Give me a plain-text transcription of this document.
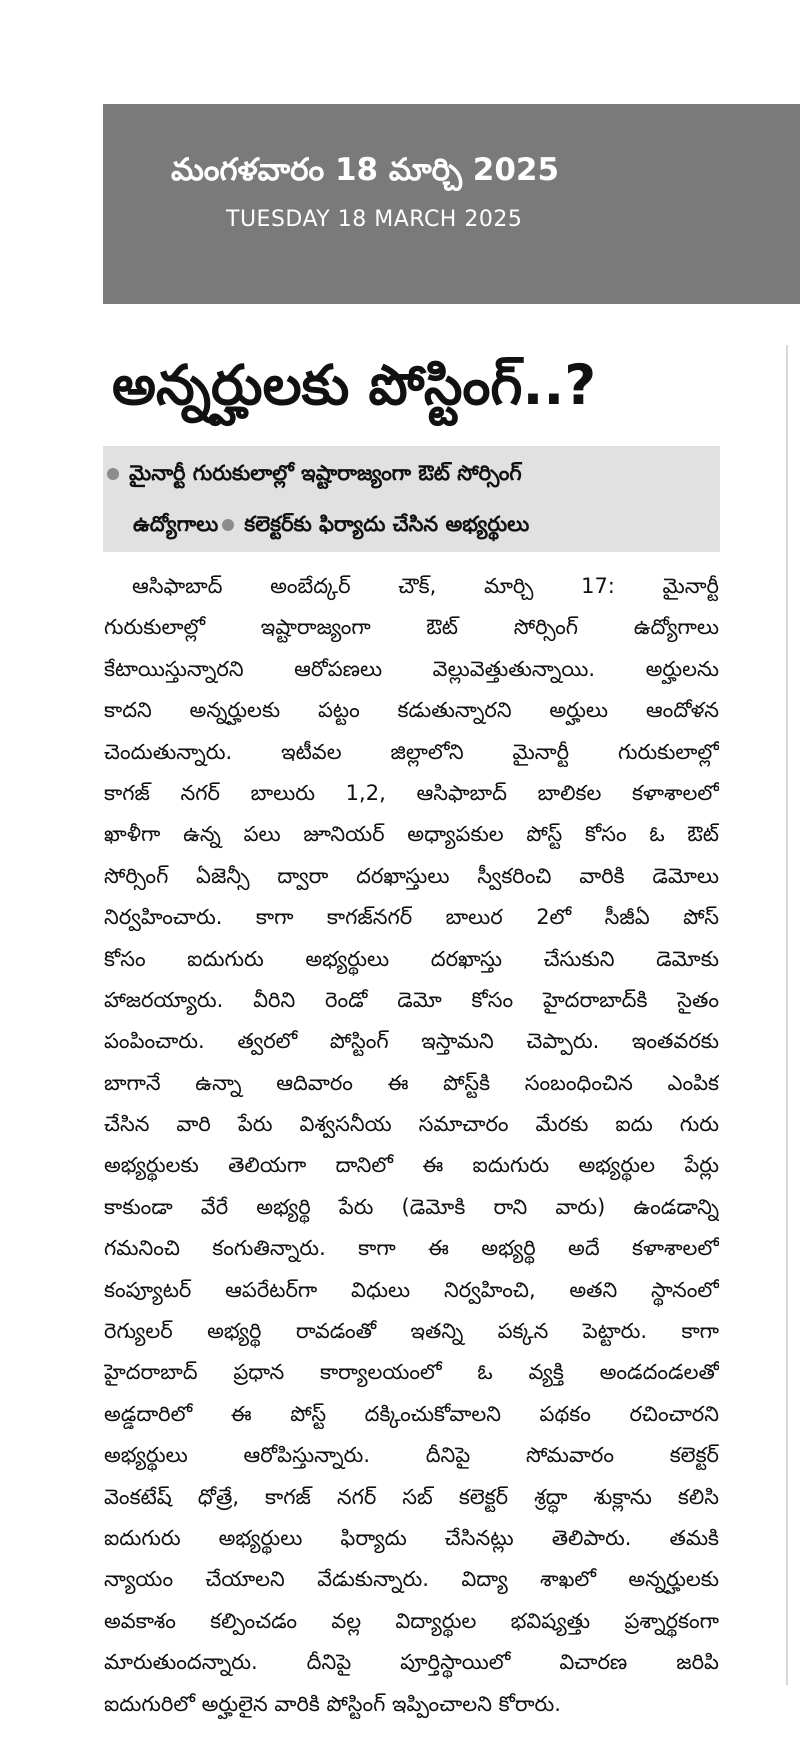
మంగళవారం 18 మార్చి 2025
TUESDAY 18 MARCH 2025
అన్నర్హులకు పోస్టింగ్..?
మైనార్టీ గురుకులాల్లో ఇష్టారాజ్యంగా ఔట్ సోర్సింగ్
ఉద్యోగాలు కలెక్టర్‌కు ఫిర్యాదు చేసిన అభ్యర్థులు
ఆసిఫాబాద్ అంబేద్కర్ చౌక్, మార్చి 17: మైనార్టీ
గురుకులాల్లో ఇష్టారాజ్యంగా ఔట్ సోర్సింగ్ ఉద్యోగాలు
కేటాయిస్తున్నారని ఆరోపణలు వెల్లువెత్తుతున్నాయి. అర్హులను
కాదని అన్నర్హులకు పట్టం కడుతున్నారని అర్హులు ఆందోళన
చెందుతున్నారు. ఇటీవల జిల్లాలోని మైనార్టీ గురుకులాల్లో
కాగజ్ నగర్ బాలురు 1,2, ఆసిఫాబాద్ బాలికల కళాశాలలో
ఖాళీగా ఉన్న పలు జూనియర్ అధ్యాపకుల పోస్ట్ కోసం ఓ ఔట్
సోర్సింగ్ ఏజెన్సీ ద్వారా దరఖాస్తులు స్వీకరించి వారికి డెమోలు
నిర్వహించారు. కాగా కాగజ్‌నగర్ బాలుర 2లో సీజీఏ పోస్
కోసం ఐదుగురు అభ్యర్థులు దరఖాస్తు చేసుకుని డెమోకు
హాజరయ్యారు. వీరిని రెండో డెమో కోసం హైదరాబాద్‌కి సైతం
పంపించారు. త్వరలో పోస్టింగ్ ఇస్తామని చెప్పారు. ఇంతవరకు
బాగానే ఉన్నా ఆదివారం ఈ పోస్ట్‌కి సంబంధించిన ఎంపిక
చేసిన వారి పేరు విశ్వసనీయ సమాచారం మేరకు ఐదు గురు
అభ్యర్థులకు తెలియగా దానిలో ఈ ఐదుగురు అభ్యర్థుల పేర్లు
కాకుండా వేరే అభ్యర్థి పేరు (డెమోకి రాని వారు) ఉండడాన్ని
గమనించి కంగుతిన్నారు. కాగా ఈ అభ్యర్థి అదే కళాశాలలో
కంప్యూటర్ ఆపరేటర్‌గా విధులు నిర్వహించి, అతని స్థానంలో
రెగ్యులర్ అభ్యర్థి రావడంతో ఇతన్ని పక్కన పెట్టారు. కాగా
హైదరాబాద్ ప్రధాన కార్యాలయంలో ఓ వ్యక్తి అండదండలతో
అడ్డదారిలో ఈ పోస్ట్ దక్కించుకోవాలని పథకం రచించారని
అభ్యర్థులు ఆరోపిస్తున్నారు. దీనిపై సోమవారం కలెక్టర్
వెంకటేష్ ధోత్రే, కాగజ్ నగర్ సబ్ కలెక్టర్ శ్రద్ధా శుక్లాను కలిసి
ఐదుగురు అభ్యర్థులు ఫిర్యాదు చేసినట్లు తెలిపారు. తమకి
న్యాయం చేయాలని వేడుకున్నారు. విద్యా శాఖలో అన్నర్హులకు
అవకాశం కల్పించడం వల్ల విద్యార్థుల భవిష్యత్తు ప్రశ్నార్థకంగా
మారుతుందన్నారు. దీనిపై పూర్తిస్థాయిలో విచారణ జరిపి
ఐదుగురిలో అర్హులైన వారికి పోస్టింగ్ ఇప్పించాలని కోరారు.
